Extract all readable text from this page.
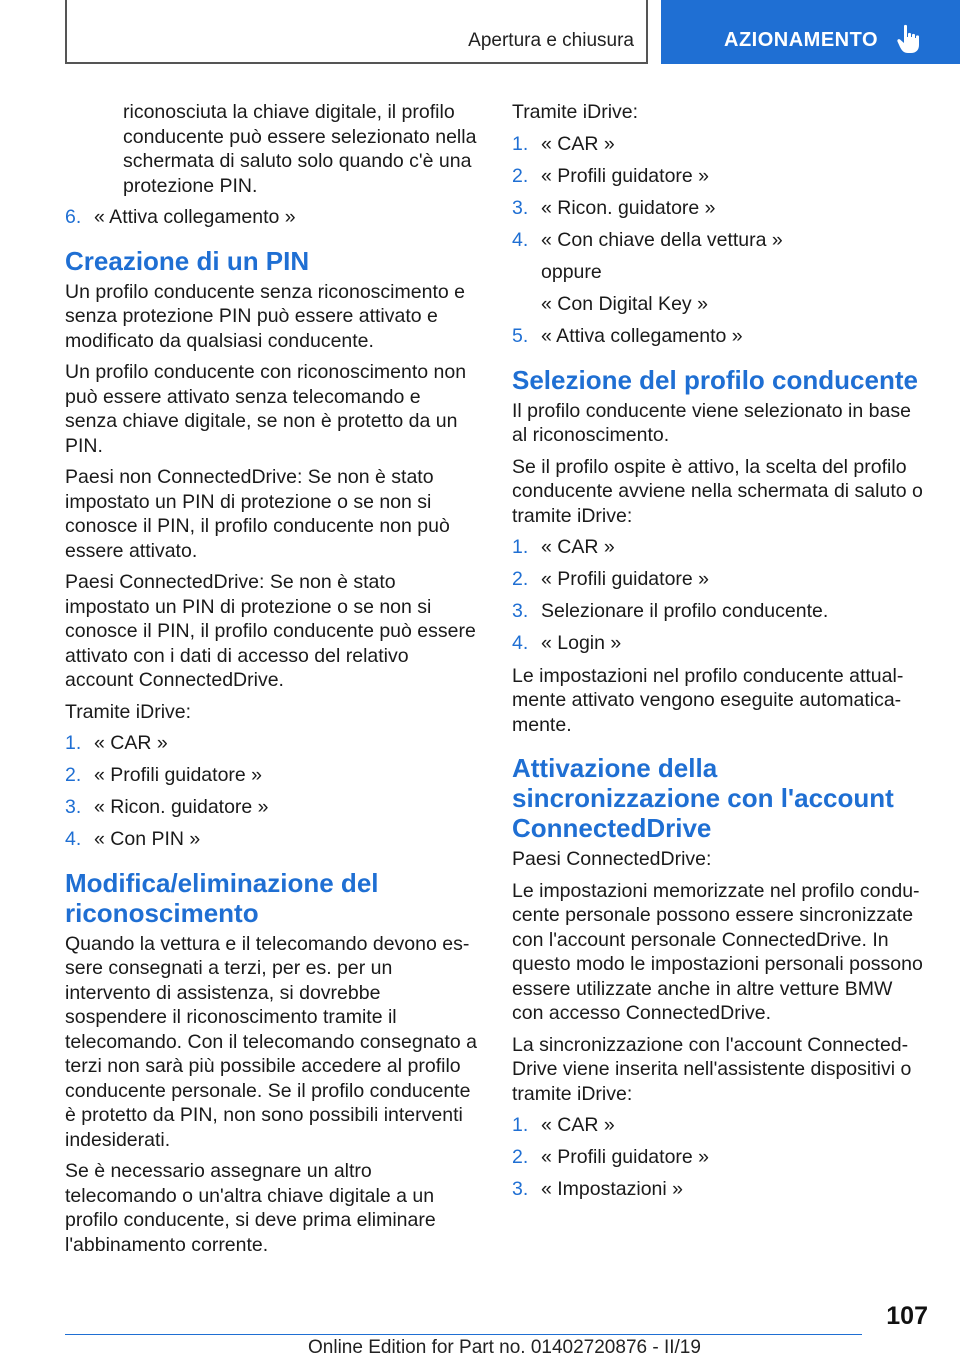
Apertura e chiusura	AZIONAMENTO

riconosciuta la chiave digitale, il profilo conducente può essere selezionato nella schermata di saluto solo quando c'è una protezione PIN.

6. « Attiva collegamento »
Creazione di un PIN

Un profilo conducente senza riconoscimento e senza protezione PIN può essere attivato e modificato da qualsiasi conducente.

Un profilo conducente con riconoscimento non può essere attivato senza telecomando e senza chiave digitale, se non è protetto da un PIN.

Paesi non ConnectedDrive: Se non è stato impostato un PIN di protezione o se non si conosce il PIN, il profilo conducente non può essere attivato.

Paesi ConnectedDrive: Se non è stato impostato un PIN di protezione o se non si conosce il PIN, il profilo conducente può essere attivato con i dati di accesso del relativo account ConnectedDrive.

Tramite iDrive:

1. « CAR »
2. « Profili guidatore »
3. « Ricon. guidatore »
4. « Con PIN »
Modifica/eliminazione del riconoscimento

Quando la vettura e il telecomando devono essere consegnati a terzi, per es. per un intervento di assistenza, si dovrebbe sospendere il riconoscimento tramite il telecomando. Con il telecomando consegnato a terzi non sarà più possibile accedere al profilo conducente personale. Se il profilo conducente è protetto da PIN, non sono possibili interventi indesiderati.

Se è necessario assegnare un altro telecomando o un'altra chiave digitale a un profilo conducente, si deve prima eliminare l'abbinamento corrente.

Tramite iDrive:

1. « CAR »
2. « Profili guidatore »
3. « Ricon. guidatore »
4. « Con chiave della vettura »
oppure
« Con Digital Key »
5. « Attiva collegamento »
Selezione del profilo conducente

Il profilo conducente viene selezionato in base al riconoscimento.

Se il profilo ospite è attivo, la scelta del profilo conducente avviene nella schermata di saluto o tramite iDrive:

1. « CAR »
2. « Profili guidatore »
3. Selezionare il profilo conducente.
4. « Login »

Le impostazioni nel profilo conducente attualmente attivato vengono eseguite automaticamente.

Attivazione della sincronizzazione con l'account ConnectedDrive

Paesi ConnectedDrive:

Le impostazioni memorizzate nel profilo conducente personale possono essere sincronizzate con l'account personale ConnectedDrive. In questo modo le impostazioni personali possono essere utilizzate anche in altre vetture BMW con accesso ConnectedDrive.

La sincronizzazione con l'account ConnectedDrive viene inserita nell'assistente dispositivi o tramite iDrive:

1. « CAR »
2. « Profili guidatore »
3. « Impostazioni »
107
Online Edition for Part no. 01402720876 - II/19
